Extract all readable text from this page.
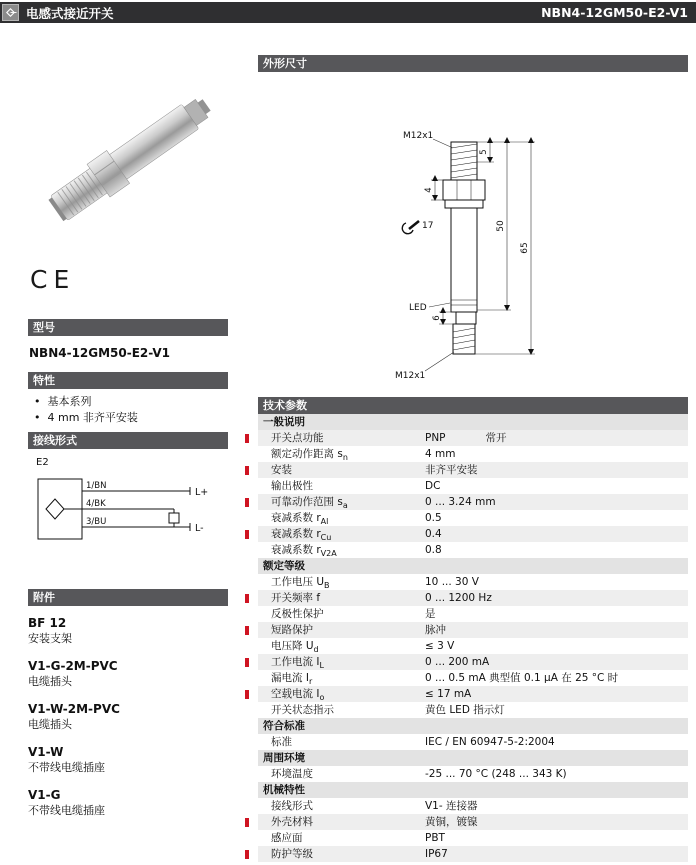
电感式接近开关	NBN4-12GM50-E2-V1
CE
型号
NBN4-12GM50-E2-V1
特性
• 基本系列
• 4 mm 非齐平安装
接线形式
E2
1/BN
4/BK
3/BU
L+
L-
附件
BF 12
安装支架
V1-G-2M-PVC
电缆插头
V1-W-2M-PVC
电缆插头
V1-W
不带线电缆插座
V1-G
不带线电缆插座
外形尺寸
M12x1
5
4
17	50
65
LED
6
M12x1
技术参数
一般说明
开关点功能	PNP	常开
额定动作距离 $s_n$	4 mm
安装	非齐平安装
输出极性	DC
可靠动作范围 $s_a$	0 ... 3.24 mm
衰减系数 $r_{Al}$	0.5
衰减系数 $r_{Cu}$	0.4
衰减系数 $r_{V2A}$	0.8
额定等级
工作电压 $U_B$	10 ... 30 V
开关频率 f	0 ... 1200 Hz
反极性保护	是
短路保护	脉冲
电压降 $U_d$	≤ 3 V
工作电流 $I_L$	0 ... 200 mA
漏电流 $I_r$	0 ... 0.5 mA 典型值 0.1 μA 在 25 °C 时
空载电流 $I_o$	≤ 17 mA
开关状态指示	黄色 LED 指示灯
符合标准
标准	IEC / EN 60947-5-2:2004
周围环境
环境温度	-25 ... 70 °C (248 ... 343 K)
机械特性
接线形式	V1- 连接器
外壳材料	黄铜，镀镍
感应面	PBT
防护等级	IP67
